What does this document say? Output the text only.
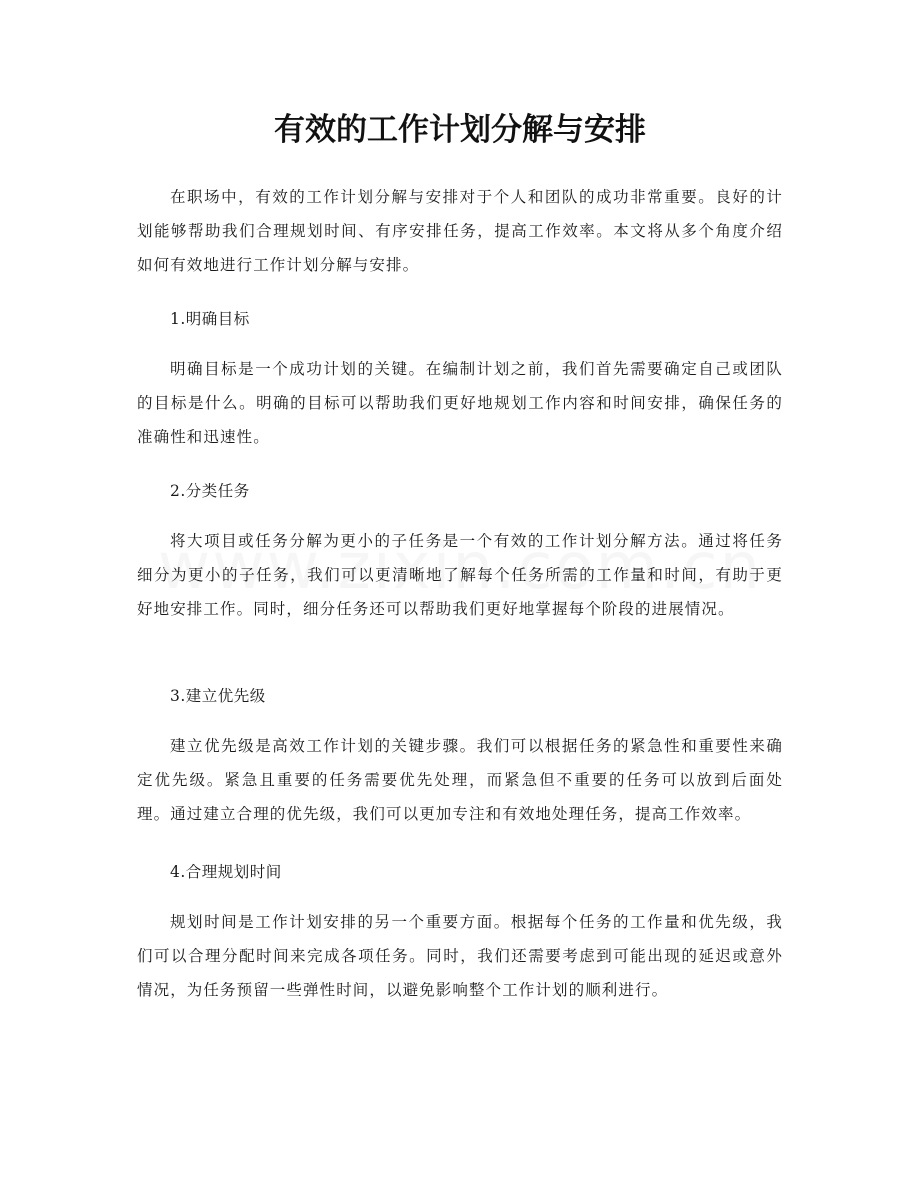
有效的工作计划分解与安排

在职场中，有效的工作计划分解与安排对于个人和团队的成功非常重要。良好的计划能够帮助我们合理规划时间、有序安排任务，提高工作效率。本文将从多个角度介绍如何有效地进行工作计划分解与安排。

1.明确目标

明确目标是一个成功计划的关键。在编制计划之前，我们首先需要确定自己或团队的目标是什么。明确的目标可以帮助我们更好地规划工作内容和时间安排，确保任务的准确性和迅速性。

2.分类任务

将大项目或任务分解为更小的子任务是一个有效的工作计划分解方法。通过将任务细分为更小的子任务，我们可以更清晰地了解每个任务所需的工作量和时间，有助于更好地安排工作。同时，细分任务还可以帮助我们更好地掌握每个阶段的进展情况。

3.建立优先级

建立优先级是高效工作计划的关键步骤。我们可以根据任务的紧急性和重要性来确定优先级。紧急且重要的任务需要优先处理，而紧急但不重要的任务可以放到后面处理。通过建立合理的优先级，我们可以更加专注和有效地处理任务，提高工作效率。

4.合理规划时间

规划时间是工作计划安排的另一个重要方面。根据每个任务的工作量和优先级，我们可以合理分配时间来完成各项任务。同时，我们还需要考虑到可能出现的延迟或意外情况，为任务预留一些弹性时间，以避免影响整个工作计划的顺利进行。
